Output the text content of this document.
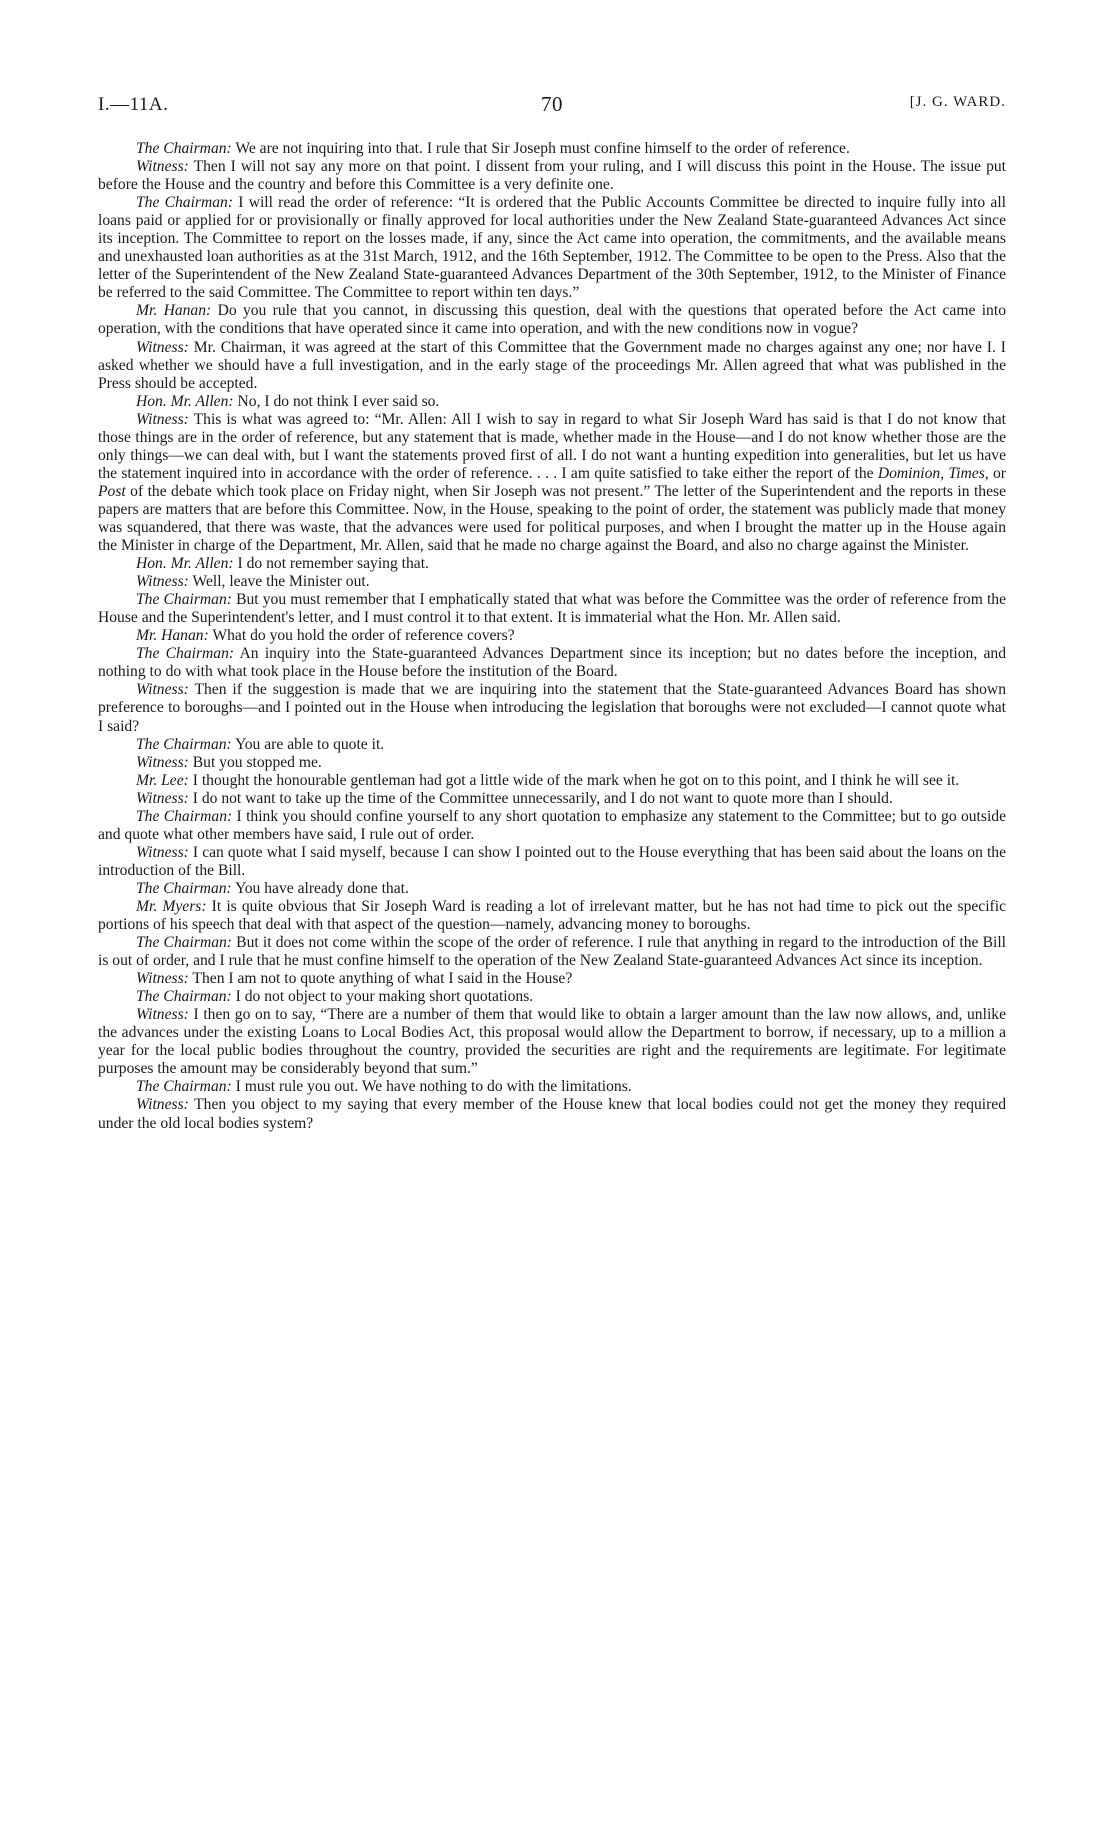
I.—11A.	70	[J. G. WARD.

The Chairman: We are not inquiring into that. I rule that Sir Joseph must confine himself to the order of reference.

Witness: Then I will not say any more on that point. I dissent from your ruling, and I will discuss this point in the House. The issue put before the House and the country and before this Committee is a very definite one.

The Chairman: I will read the order of reference: “It is ordered that the Public Accounts Committee be directed to inquire fully into all loans paid or applied for or provisionally or finally approved for local authorities under the New Zealand State-guaranteed Advances Act since its inception. The Committee to report on the losses made, if any, since the Act came into operation, the commitments, and the available means and unexhausted loan authorities as at the 31st March, 1912, and the 16th September, 1912. The Committee to be open to the Press. Also that the letter of the Superintendent of the New Zealand State-guaranteed Advances Department of the 30th September, 1912, to the Minister of Finance be referred to the said Committee. The Committee to report within ten days.”

Mr. Hanan: Do you rule that you cannot, in discussing this question, deal with the questions that operated before the Act came into operation, with the conditions that have operated since it came into operation, and with the new conditions now in vogue?

Witness: Mr. Chairman, it was agreed at the start of this Committee that the Government made no charges against any one; nor have I. I asked whether we should have a full investigation, and in the early stage of the proceedings Mr. Allen agreed that what was published in the Press should be accepted.

Hon. Mr. Allen: No, I do not think I ever said so.

Witness: This is what was agreed to: “Mr. Allen: All I wish to say in regard to what Sir Joseph Ward has said is that I do not know that those things are in the order of reference, but any statement that is made, whether made in the House—and I do not know whether those are the only things—we can deal with, but I want the statements proved first of all. I do not want a hunting expedition into generalities, but let us have the statement inquired into in accordance with the order of reference. . . . I am quite satisfied to take either the report of the Dominion, Times, or Post of the debate which took place on Friday night, when Sir Joseph was not present.” The letter of the Superintendent and the reports in these papers are matters that are before this Committee. Now, in the House, speaking to the point of order, the statement was publicly made that money was squandered, that there was waste, that the advances were used for political purposes, and when I brought the matter up in the House again the Minister in charge of the Department, Mr. Allen, said that he made no charge against the Board, and also no charge against the Minister.

Hon. Mr. Allen: I do not remember saying that.

Witness: Well, leave the Minister out.

The Chairman: But you must remember that I emphatically stated that what was before the Committee was the order of reference from the House and the Superintendent's letter, and I must control it to that extent. It is immaterial what the Hon. Mr. Allen said.

Mr. Hanan: What do you hold the order of reference covers?

The Chairman: An inquiry into the State-guaranteed Advances Department since its inception; but no dates before the inception, and nothing to do with what took place in the House before the institution of the Board.

Witness: Then if the suggestion is made that we are inquiring into the statement that the State-guaranteed Advances Board has shown preference to boroughs—and I pointed out in the House when introducing the legislation that boroughs were not excluded—I cannot quote what I said?

The Chairman: You are able to quote it.

Witness: But you stopped me.

Mr. Lee: I thought the honourable gentleman had got a little wide of the mark when he got on to this point, and I think he will see it.

Witness: I do not want to take up the time of the Committee unnecessarily, and I do not want to quote more than I should.

The Chairman: I think you should confine yourself to any short quotation to emphasize any statement to the Committee; but to go outside and quote what other members have said, I rule out of order.

Witness: I can quote what I said myself, because I can show I pointed out to the House everything that has been said about the loans on the introduction of the Bill.

The Chairman: You have already done that.

Mr. Myers: It is quite obvious that Sir Joseph Ward is reading a lot of irrelevant matter, but he has not had time to pick out the specific portions of his speech that deal with that aspect of the question—namely, advancing money to boroughs.

The Chairman: But it does not come within the scope of the order of reference. I rule that anything in regard to the introduction of the Bill is out of order, and I rule that he must confine himself to the operation of the New Zealand State-guaranteed Advances Act since its inception.

Witness: Then I am not to quote anything of what I said in the House?

The Chairman: I do not object to your making short quotations.

Witness: I then go on to say, “There are a number of them that would like to obtain a larger amount than the law now allows, and, unlike the advances under the existing Loans to Local Bodies Act, this proposal would allow the Department to borrow, if necessary, up to a million a year for the local public bodies throughout the country, provided the securities are right and the requirements are legitimate. For legitimate purposes the amount may be considerably beyond that sum.”

The Chairman: I must rule you out. We have nothing to do with the limitations.

Witness: Then you object to my saying that every member of the House knew that local bodies could not get the money they required under the old local bodies system?
